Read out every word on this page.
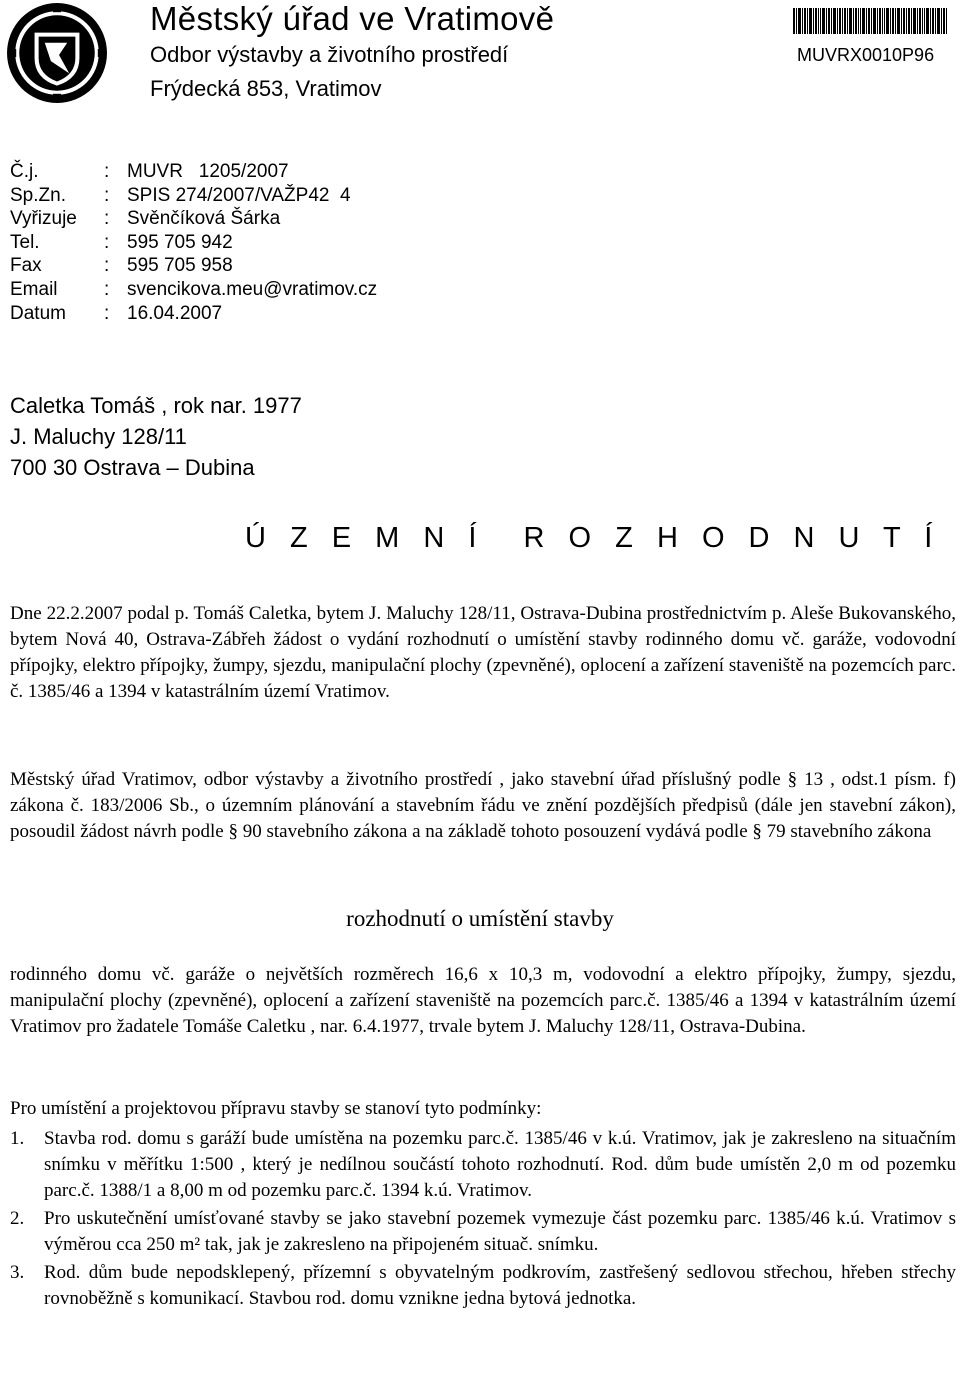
Městský úřad ve Vratimově
Odbor výstavby a životního prostředí
Frýdecká 853, Vratimov
MUVRX0010P96
Č.j.	: MUVR   1205/2007
Sp.Zn.	: SPIS 274/2007/VAŽP42  4
Vyřizuje	: Svěnčíková Šárka
Tel.	: 595 705 942
Fax	: 595 705 958
Email	: svencikova.meu@vratimov.cz
Datum	: 16.04.2007
Caletka Tomáš , rok nar. 1977
J. Maluchy 128/11
700 30 Ostrava – Dubina
Ú Z E M N Í  R O Z H O D N U T Í
Dne 22.2.2007 podal p. Tomáš Caletka, bytem J. Maluchy 128/11, Ostrava-Dubina prostřednictvím p. Aleše Bukovanského, bytem Nová 40, Ostrava-Zábřeh žádost o vydání rozhodnutí o umístění stavby rodinného domu vč. garáže, vodovodní přípojky, elektro přípojky, žumpy, sjezdu, manipulační plochy (zpevněné), oplocení a zařízení staveniště na pozemcích parc. č. 1385/46 a 1394 v katastrálním území Vratimov.
Městský úřad Vratimov, odbor výstavby a životního prostředí , jako stavební úřad příslušný podle § 13 , odst.1 písm. f) zákona č. 183/2006 Sb., o územním plánování a stavebním řádu ve znění pozdějších předpisů (dále jen stavební zákon), posoudil žádost návrh podle § 90 stavebního zákona a na základě tohoto posouzení vydává podle § 79 stavebního zákona
rozhodnutí o umístění stavby
rodinného domu vč. garáže o největších rozměrech 16,6 x 10,3 m, vodovodní a elektro přípojky, žumpy, sjezdu, manipulační plochy (zpevněné), oplocení a zařízení staveniště na pozemcích parc.č. 1385/46 a 1394 v katastrálním území Vratimov pro žadatele Tomáše Caletku , nar. 6.4.1977, trvale bytem J. Maluchy 128/11, Ostrava-Dubina.
Pro umístění a projektovou přípravu stavby se stanoví tyto podmínky:
1.	Stavba rod. domu s garáží bude umístěna na pozemku parc.č. 1385/46 v k.ú. Vratimov, jak je zakresleno na situačním snímku v měřítku 1:500 , který je nedílnou součástí tohoto rozhodnutí. Rod. dům bude umístěn 2,0 m od pozemku parc.č. 1388/1 a 8,00 m od pozemku parc.č. 1394 k.ú. Vratimov.
2.	Pro uskutečnění umísťované stavby se jako stavební pozemek vymezuje část pozemku parc. 1385/46 k.ú. Vratimov s výměrou cca 250 m² tak, jak je zakresleno na připojeném situač. snímku.
3.	Rod. dům bude nepodsklepený, přízemní s obyvatelným podkrovím, zastřešený sedlovou střechou, hřeben střechy rovnoběžně s komunikací. Stavbou rod. domu vznikne jedna bytová jednotka.
